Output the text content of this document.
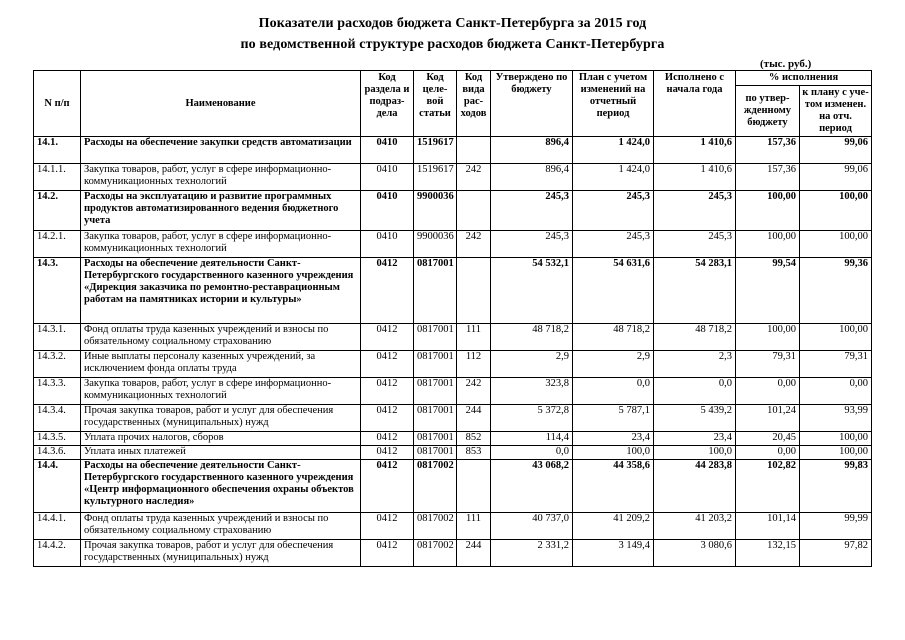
Показатели расходов бюджета Санкт-Петербурга за 2015 год
по ведомственной структуре расходов бюджета Санкт-Петербурга
(тыс. руб.)
N п/п	Наименование	Код раздела и подраз-дела	Код целе-вой статьи	Код вида рас-ходов	Утверждено по бюджету	План с учетом изменений на отчетный период	Исполнено с начала года	% исполнения	
								по утвер-жденному бюджету	к плану с уче-том изменен. на отч. период
14.1.	Расходы на обеспечение закупки средств автоматизации	0410	1519617		896,4	1 424,0	1 410,6	157,36	99,06
14.1.1.	Закупка товаров, работ, услуг в сфере информационно-коммуникационных технологий	0410	1519617	242	896,4	1 424,0	1 410,6	157,36	99,06
14.2.	Расходы на эксплуатацию и развитие программных продуктов автоматизированного ведения бюджетного учета	0410	9900036		245,3	245,3	245,3	100,00	100,00
14.2.1.	Закупка товаров, работ, услуг в сфере информационно-коммуникационных технологий	0410	9900036	242	245,3	245,3	245,3	100,00	100,00
14.3.	Расходы на обеспечение деятельности Санкт-Петербургского государственного казенного учреждения «Дирекция заказчика по ремонтно-реставрационным работам на памятниках истории и культуры»	0412	0817001		54 532,1	54 631,6	54 283,1	99,54	99,36
14.3.1.	Фонд оплаты труда казенных учреждений и взносы по обязательному социальному страхованию	0412	0817001	111	48 718,2	48 718,2	48 718,2	100,00	100,00
14.3.2.	Иные выплаты персоналу казенных учреждений, за исключением фонда оплаты труда	0412	0817001	112	2,9	2,9	2,3	79,31	79,31
14.3.3.	Закупка товаров, работ, услуг в сфере информационно-коммуникационных технологий	0412	0817001	242	323,8	0,0	0,0	0,00	0,00
14.3.4.	Прочая закупка товаров, работ и услуг для обеспечения государственных (муниципальных) нужд	0412	0817001	244	5 372,8	5 787,1	5 439,2	101,24	93,99
14.3.5.	Уплата прочих налогов, сборов	0412	0817001	852	114,4	23,4	23,4	20,45	100,00
14.3.6.	Уплата иных платежей	0412	0817001	853	0,0	100,0	100,0	0,00	100,00
14.4.	Расходы на обеспечение деятельности Санкт-Петербургского государственного казенного учреждения «Центр информационного обеспечения охраны объектов культурного наследия»	0412	0817002		43 068,2	44 358,6	44 283,8	102,82	99,83
14.4.1.	Фонд оплаты труда казенных учреждений и взносы по обязательному социальному страхованию	0412	0817002	111	40 737,0	41 209,2	41 203,2	101,14	99,99
14.4.2.	Прочая закупка товаров, работ и услуг для обеспечения государственных (муниципальных) нужд	0412	0817002	244	2 331,2	3 149,4	3 080,6	132,15	97,82
